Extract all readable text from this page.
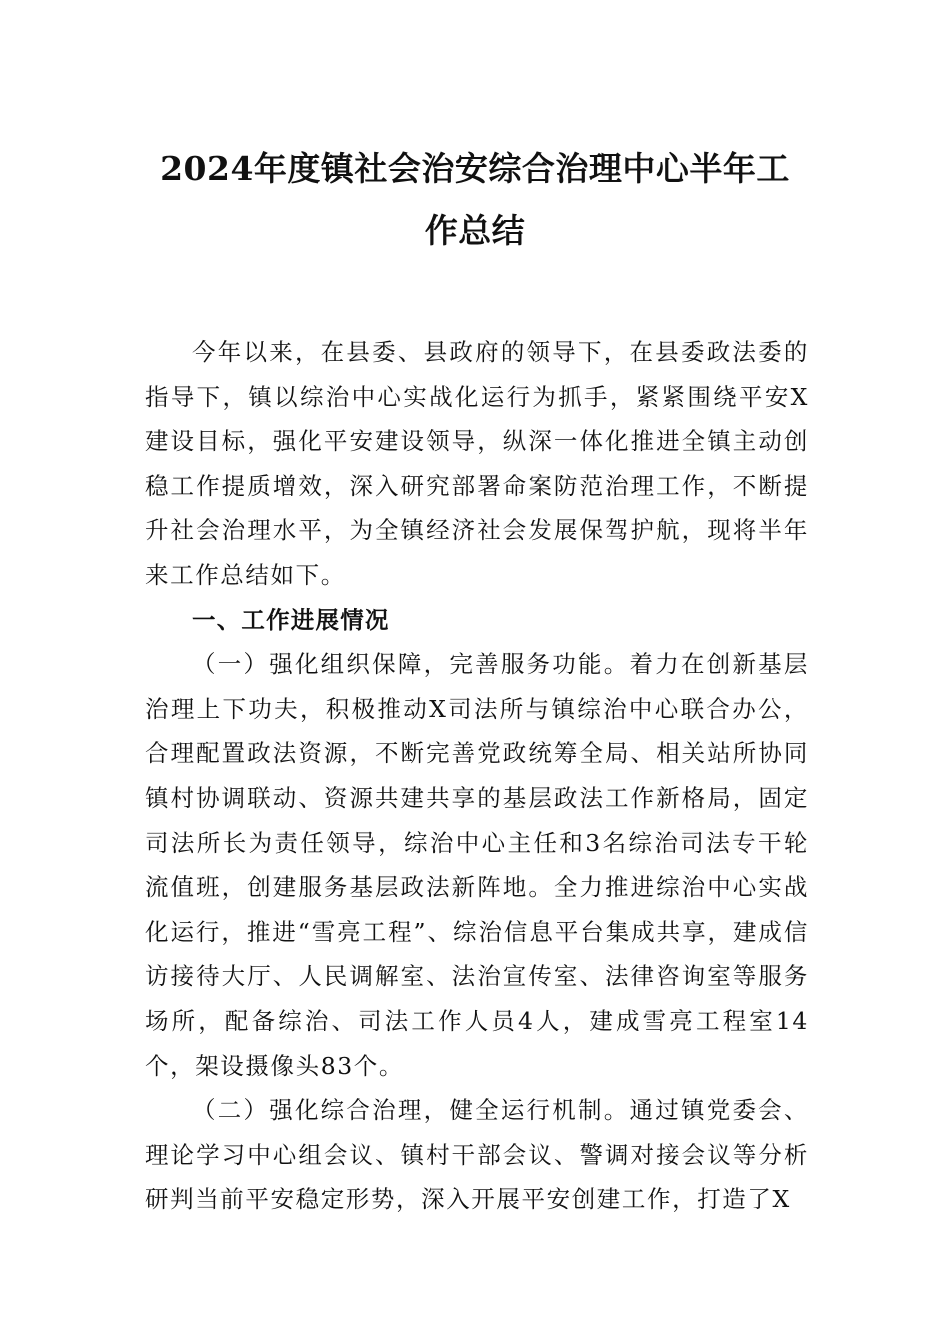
2024年度镇社会治安综合治理中心半年工作总结

今年以来，在县委、县政府的领导下，在县委政法委的指导下，镇以综治中心实战化运行为抓手，紧紧围绕平安X建设目标，强化平安建设领导，纵深一体化推进全镇主动创稳工作提质增效，深入研究部署命案防范治理工作，不断提升社会治理水平，为全镇经济社会发展保驾护航，现将半年来工作总结如下。

一、工作进展情况

（一）强化组织保障，完善服务功能。着力在创新基层治理上下功夫，积极推动X司法所与镇综治中心联合办公，合理配置政法资源，不断完善党政统筹全局、相关站所协同镇村协调联动、资源共建共享的基层政法工作新格局，固定司法所长为责任领导，综治中心主任和3名综治司法专干轮流值班，创建服务基层政法新阵地。全力推进综治中心实战化运行，推进“雪亮工程”、综治信息平台集成共享，建成信访接待大厅、人民调解室、法治宣传室、法律咨询室等服务场所，配备综治、司法工作人员4人，建成雪亮工程室14个，架设摄像头83个。

（二）强化综合治理，健全运行机制。通过镇党委会、理论学习中心组会议、镇村干部会议、警调对接会议等分析研判当前平安稳定形势，深入开展平安创建工作，打造了X
